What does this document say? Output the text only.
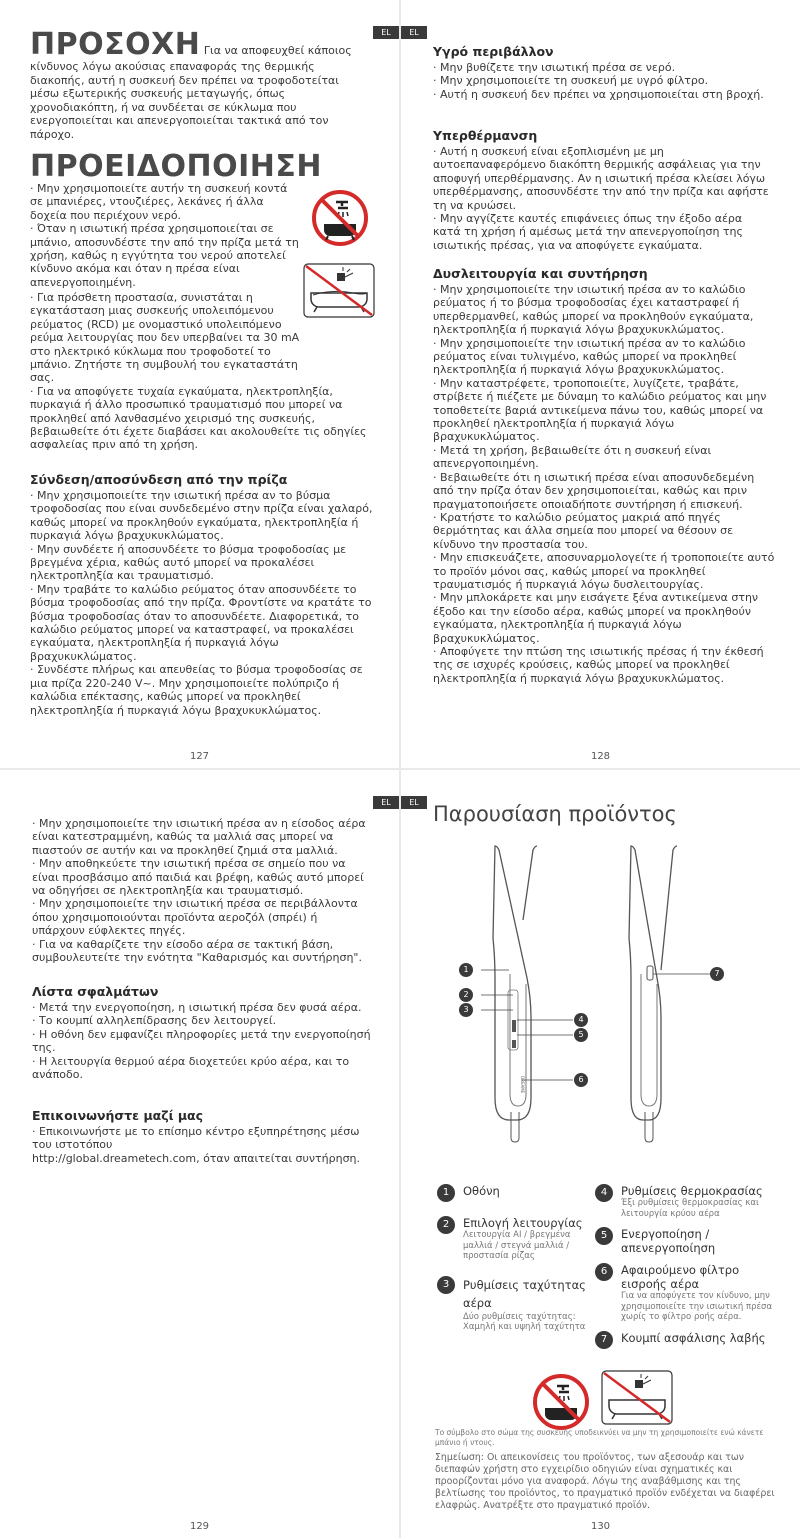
EL

ΠΡΟΣΟΧΗ Για να αποφευχθεί κάποιος κίνδυνος λόγω ακούσιας επαναφοράς της θερμικής διακοπής, αυτή η συσκευή δεν πρέπει να τροφοδοτείται μέσω εξωτερικής συσκευής μεταγωγής, όπως χρονοδιακόπτη, ή να συνδέεται σε κύκλωμα που ενεργοποιείται και απενεργοποιείται τακτικά από τον πάροχο.

ΠΡΟΕΙΔΟΠΟΙΗΣΗ

· Μην χρησιμοποιείτε αυτήν τη συσκευή κοντά σε μπανιέρες, ντουζιέρες, λεκάνες ή άλλα δοχεία που περιέχουν νερό.

· Όταν η ισιωτική πρέσα χρησιμοποιείται σε μπάνιο, αποσυνδέστε την από την πρίζα μετά τη χρήση, καθώς η εγγύτητα του νερού αποτελεί κίνδυνο ακόμα και όταν η πρέσα είναι απενεργοποιημένη.

· Για πρόσθετη προστασία, συνιστάται η εγκατάσταση μιας συσκευής υπολειπόμενου ρεύματος (RCD) με ονομαστικό υπολειπόμενο ρεύμα λειτουργίας που δεν υπερβαίνει τα 30 mA στο ηλεκτρικό κύκλωμα που τροφοδοτεί το μπάνιο. Ζητήστε τη συμβουλή του εγκαταστάτη σας.

· Για να αποφύγετε τυχαία εγκαύματα, ηλεκτροπληξία, πυρκαγιά ή άλλο προσωπικό τραυματισμό που μπορεί να προκληθεί από λανθασμένο χειρισμό της συσκευής, βεβαιωθείτε ότι έχετε διαβάσει και ακολουθείτε τις οδηγίες ασφαλείας πριν από τη χρήση.

Σύνδεση/αποσύνδεση από την πρίζα

· Μην χρησιμοποιείτε την ισιωτική πρέσα αν το βύσμα τροφοδοσίας που είναι συνδεδεμένο στην πρίζα είναι χαλαρό, καθώς μπορεί να προκληθούν εγκαύματα, ηλεκτροπληξία ή πυρκαγιά λόγω βραχυκυκλώματος.

· Μην συνδέετε ή αποσυνδέετε το βύσμα τροφοδοσίας με βρεγμένα χέρια, καθώς αυτό μπορεί να προκαλέσει ηλεκτροπληξία και τραυματισμό.

· Μην τραβάτε το καλώδιο ρεύματος όταν αποσυνδέετε το βύσμα τροφοδοσίας από την πρίζα. Φροντίστε να κρατάτε το βύσμα τροφοδοσίας όταν το αποσυνδέετε. Διαφορετικά, το καλώδιο ρεύματος μπορεί να καταστραφεί, να προκαλέσει εγκαύματα, ηλεκτροπληξία ή πυρκαγιά λόγω βραχυκυκλώματος.

· Συνδέστε πλήρως και απευθείας το βύσμα τροφοδοσίας σε μια πρίζα 220-240 V~. Μην χρησιμοποιείτε πολύπριζο ή καλώδια επέκτασης, καθώς μπορεί να προκληθεί ηλεκτροπληξία ή πυρκαγιά λόγω βραχυκυκλώματος.

127
EL

Υγρό περιβάλλον

· Μην βυθίζετε την ισιωτική πρέσα σε νερό.

· Μην χρησιμοποιείτε τη συσκευή με υγρό φίλτρο.

· Αυτή η συσκευή δεν πρέπει να χρησιμοποιείται στη βροχή.

Υπερθέρμανση

· Αυτή η συσκευή είναι εξοπλισμένη με μη αυτοεπαναφερόμενο διακόπτη θερμικής ασφάλειας για την αποφυγή υπερθέρμανσης. Αν η ισιωτική πρέσα κλείσει λόγω υπερθέρμανσης, αποσυνδέστε την από την πρίζα και αφήστε τη να κρυώσει.

· Μην αγγίζετε καυτές επιφάνειες όπως την έξοδο αέρα κατά τη χρήση ή αμέσως μετά την απενεργοποίηση της ισιωτικής πρέσας, για να αποφύγετε εγκαύματα.

Δυσλειτουργία και συντήρηση

· Μην χρησιμοποιείτε την ισιωτική πρέσα αν το καλώδιο ρεύματος ή το βύσμα τροφοδοσίας έχει καταστραφεί ή υπερθερμανθεί, καθώς μπορεί να προκληθούν εγκαύματα, ηλεκτροπληξία ή πυρκαγιά λόγω βραχυκυκλώματος.

· Μην χρησιμοποιείτε την ισιωτική πρέσα αν το καλώδιο ρεύματος είναι τυλιγμένο, καθώς μπορεί να προκληθεί ηλεκτροπληξία ή πυρκαγιά λόγω βραχυκυκλώματος.

· Μην καταστρέφετε, τροποποιείτε, λυγίζετε, τραβάτε, στρίβετε ή πιέζετε με δύναμη το καλώδιο ρεύματος και μην τοποθετείτε βαριά αντικείμενα πάνω του, καθώς μπορεί να προκληθεί ηλεκτροπληξία ή πυρκαγιά λόγω βραχυκυκλώματος.

· Μετά τη χρήση, βεβαιωθείτε ότι η συσκευή είναι απενεργοποιημένη.

· Βεβαιωθείτε ότι η ισιωτική πρέσα είναι αποσυνδεδεμένη από την πρίζα όταν δεν χρησιμοποιείται, καθώς και πριν πραγματοποιήσετε οποιαδήποτε συντήρηση ή επισκευή.

· Κρατήστε το καλώδιο ρεύματος μακριά από πηγές θερμότητας και άλλα σημεία που μπορεί να θέσουν σε κίνδυνο την προστασία του.

· Μην επισκευάζετε, αποσυναρμολογείτε ή τροποποιείτε αυτό το προϊόν μόνοι σας, καθώς μπορεί να προκληθεί τραυματισμός ή πυρκαγιά λόγω δυσλειτουργίας.

· Μην μπλοκάρετε και μην εισάγετε ξένα αντικείμενα στην έξοδο και την είσοδο αέρα, καθώς μπορεί να προκληθούν εγκαύματα, ηλεκτροπληξία ή πυρκαγιά λόγω βραχυκυκλώματος.

· Αποφύγετε την πτώση της ισιωτικής πρέσας ή την έκθεσή της σε ισχυρές κρούσεις, καθώς μπορεί να προκληθεί ηλεκτροπληξία ή πυρκαγιά λόγω βραχυκυκλώματος.

128
EL

· Μην χρησιμοποιείτε την ισιωτική πρέσα αν η είσοδος αέρα είναι κατεστραμμένη, καθώς τα μαλλιά σας μπορεί να πιαστούν σε αυτήν και να προκληθεί ζημιά στα μαλλιά.

· Μην αποθηκεύετε την ισιωτική πρέσα σε σημείο που να είναι προσβάσιμο από παιδιά και βρέφη, καθώς αυτό μπορεί να οδηγήσει σε ηλεκτροπληξία και τραυματισμό.

· Μην χρησιμοποιείτε την ισιωτική πρέσα σε περιβάλλοντα όπου χρησιμοποιούνται προϊόντα αεροζόλ (σπρέι) ή υπάρχουν εύφλεκτες πηγές.

· Για να καθαρίζετε την είσοδο αέρα σε τακτική βάση, συμβουλευτείτε την ενότητα "Καθαρισμός και συντήρηση".

Λίστα σφαλμάτων

· Μετά την ενεργοποίηση, η ισιωτική πρέσα δεν φυσά αέρα.

· Το κουμπί αλληλεπίδρασης δεν λειτουργεί.

· Η οθόνη δεν εμφανίζει πληροφορίες μετά την ενεργοποίησή της.

· Η λειτουργία θερμού αέρα διοχετεύει κρύο αέρα, και το ανάποδο.

Επικοινωνήστε μαζί μας

· Επικοινωνήστε με το επίσημο κέντρο εξυπηρέτησης μέσω του ιστοτόπου

http://global.dreametech.com, όταν απαιτείται συντήρηση.

129
EL Παρουσίαση προϊόντος
DREAME
1
2
3
4
5
6
7
1	Οθόνη
2	Επιλογή λειτουργίας
Λειτουργία AI / βρεγμένα μαλλιά / στεγνά μαλλιά / προστασία ρίζας
3	Ρυθμίσεις ταχύτητας αέρα
Δύο ρυθμίσεις ταχύτητας: Χαμηλή και υψηλή ταχύτητα
4	Ρυθμίσεις θερμοκρασίας
Έξι ρυθμίσεις θερμοκρασίας και λειτουργία κρύου αέρα
5	Ενεργοποίηση / απενεργοποίηση
6	Αφαιρούμενο φίλτρο εισροής αέρα
Για να αποφύγετε τον κίνδυνο, μην χρησιμοποιείτε την ισιωτική πρέσα χωρίς το φίλτρο ροής αέρα.
7	Κουμπί ασφάλισης λαβής
Το σύμβολο στο σώμα της συσκευής υποδεικνύει να μην τη χρησιμοποιείτε ενώ κάνετε μπάνιο ή ντους.
Σημείωση: Οι απεικονίσεις του προϊόντος, των αξεσουάρ και των διεπαφών χρήστη στο εγχειρίδιο οδηγιών είναι σχηματικές και προορίζονται μόνο για αναφορά. Λόγω της αναβάθμισης και της βελτίωσης του προϊόντος, το πραγματικό προϊόν ενδέχεται να διαφέρει ελαφρώς. Ανατρέξτε στο πραγματικό προϊόν.
130
